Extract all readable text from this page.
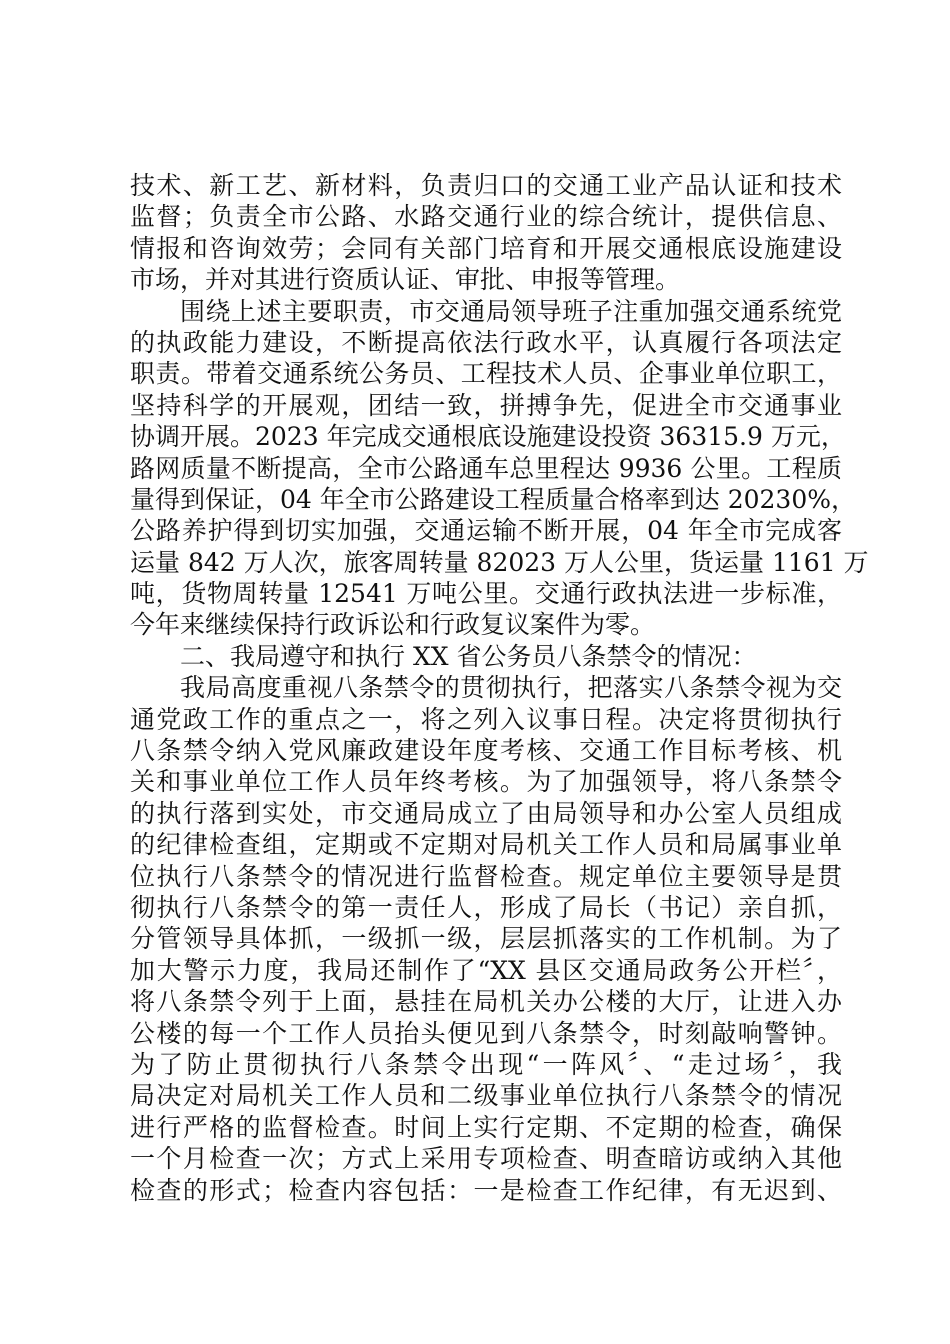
技术、新工艺、新材料，负责归口的交通工业产品认证和技术
监督；负责全市公路、水路交通行业的综合统计，提供信息、
情报和咨询效劳；会同有关部门培育和开展交通根底设施建设
市场，并对其进行资质认证、审批、申报等管理。
围绕上述主要职责，市交通局领导班子注重加强交通系统党
的执政能力建设，不断提高依法行政水平，认真履行各项法定
职责。带着交通系统公务员、工程技术人员、企事业单位职工，
坚持科学的开展观，团结一致，拼搏争先，促进全市交通事业
协调开展。2023 年完成交通根底设施建设投资 36315.9 万元，
路网质量不断提高，全市公路通车总里程达 9936 公里。工程质
量得到保证，04 年全市公路建设工程质量合格率到达 20230%，
公路养护得到切实加强，交通运输不断开展，04 年全市完成客
运量 842 万人次，旅客周转量 82023 万人公里，货运量 1161 万
吨，货物周转量 12541 万吨公里。交通行政执法进一步标准，
今年来继续保持行政诉讼和行政复议案件为零。
二、我局遵守和执行 XX 省公务员八条禁令的情况：
我局高度重视八条禁令的贯彻执行，把落实八条禁令视为交
通党政工作的重点之一，将之列入议事日程。决定将贯彻执行
八条禁令纳入党风廉政建设年度考核、交通工作目标考核、机
关和事业单位工作人员年终考核。为了加强领导，将八条禁令
的执行落到实处，市交通局成立了由局领导和办公室人员组成
的纪律检查组，定期或不定期对局机关工作人员和局属事业单
位执行八条禁令的情况进行监督检查。规定单位主要领导是贯
彻执行八条禁令的第一责任人，形成了局长（书记）亲自抓，
分管领导具体抓，一级抓一级，层层抓落实的工作机制。为了
加大警示力度，我局还制作了“XX 县区交通局政务公开栏〞，
将八条禁令列于上面，悬挂在局机关办公楼的大厅，让进入办
公楼的每一个工作人员抬头便见到八条禁令，时刻敲响警钟。
为了防止贯彻执行八条禁令出现“一阵风〞、“走过场〞，我
局决定对局机关工作人员和二级事业单位执行八条禁令的情况
进行严格的监督检查。时间上实行定期、不定期的检查，确保
一个月检查一次；方式上采用专项检查、明查暗访或纳入其他
检查的形式；检查内容包括：一是检查工作纪律，有无迟到、
